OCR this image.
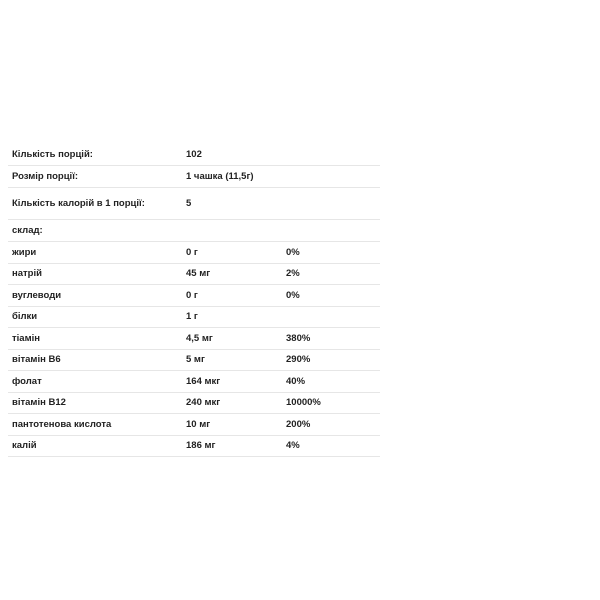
Кількість порцій:	102
Розмір порції:	1 чашка (11,5г)
Кількість калорій в 1 порції:	5
склад:
жири	0 г	0%
натрій	45 мг	2%
вуглеводи	0 г	0%
білки	1 г
тіамін	4,5 мг	380%
вітамін B6	5 мг	290%
фолат	164 мкг	40%
вітамін B12	240 мкг	10000%
пантотенова кислота	10 мг	200%
калій	186 мг	4%
